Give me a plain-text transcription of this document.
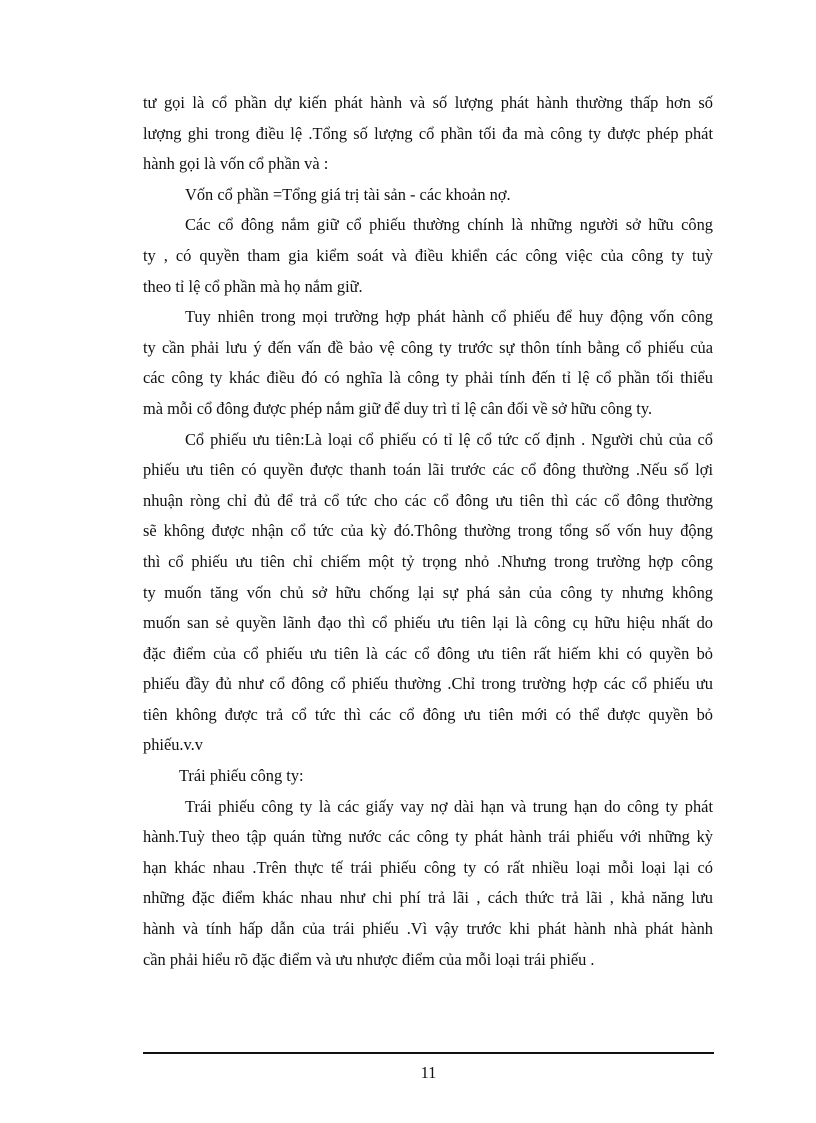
tư gọi là cổ phần dự kiến phát hành và số lượng phát hành thường thấp hơn số
lượng ghi trong điều lệ .Tổng số lượng cổ phần tối đa mà công ty được phép phát
hành gọi là vốn cổ phần và :
Vốn cổ phần =Tổng giá trị tài sản - các khoản nợ.
Các cổ đông nắm giữ cổ phiếu thường chính là những người sở hữu công
ty , có quyền tham gia kiểm soát và điều khiển các công việc của công ty tuỳ
theo tỉ lệ cổ phần mà họ nắm giữ.
Tuy nhiên trong mọi trường hợp phát hành cổ phiếu để huy động vốn công
ty cần phải lưu ý đến vấn đề bảo vệ công ty trước sự thôn tính bằng cổ phiếu của
các công ty khác điều đó có nghĩa là công ty phải tính đến tỉ lệ cổ phần tối thiểu
mà mỗi cổ đông được phép nắm giữ để duy trì tỉ lệ cân đối về sở hữu công ty.
Cổ phiếu ưu tiên:Là loại cổ phiếu có tỉ lệ cổ tức cố định . Người chủ của cổ
phiếu ưu tiên có quyền được thanh toán lãi trước các cổ đông thường .Nếu số lợi
nhuận ròng chỉ đủ để trả cổ tức cho các cổ đông ưu tiên thì các cổ đông thường
sẽ không được nhận cổ tức của kỳ đó.Thông thường trong tổng số vốn huy động
thì cổ phiếu ưu tiên chỉ chiếm một tỷ trọng nhỏ .Nhưng trong trường hợp công
ty muốn tăng vốn chủ sở hữu chống lại sự phá sản của công ty nhưng không
muốn san sẻ quyền lãnh đạo thì cổ phiếu ưu tiên lại là công cụ hữu hiệu nhất do
đặc điểm của cổ phiếu ưu tiên là các cổ đông ưu tiên rất hiếm khi có quyền bỏ
phiếu đầy đủ như cổ đông cổ phiếu thường .Chỉ trong trường hợp các cổ phiếu ưu
tiên không được trả cổ tức thì các cổ đông ưu tiên mới có thể được quyền bỏ
phiếu.v.v
Trái phiếu công ty:
Trái phiếu công ty là các giấy vay nợ dài hạn và trung hạn do công ty phát
hành.Tuỳ theo tập quán từng nước các công ty phát hành trái phiếu với những kỳ
hạn khác nhau .Trên thực tế trái phiếu công ty có rất nhiều loại mỗi loại lại có
những đặc điểm khác nhau như chi phí trả lãi , cách thức trả lãi , khả năng lưu
hành và tính hấp dẫn của trái phiếu .Vì vậy trước khi phát hành nhà phát hành
cần phải hiểu rõ đặc điểm và ưu nhược điểm của mỗi loại trái phiếu .
11
